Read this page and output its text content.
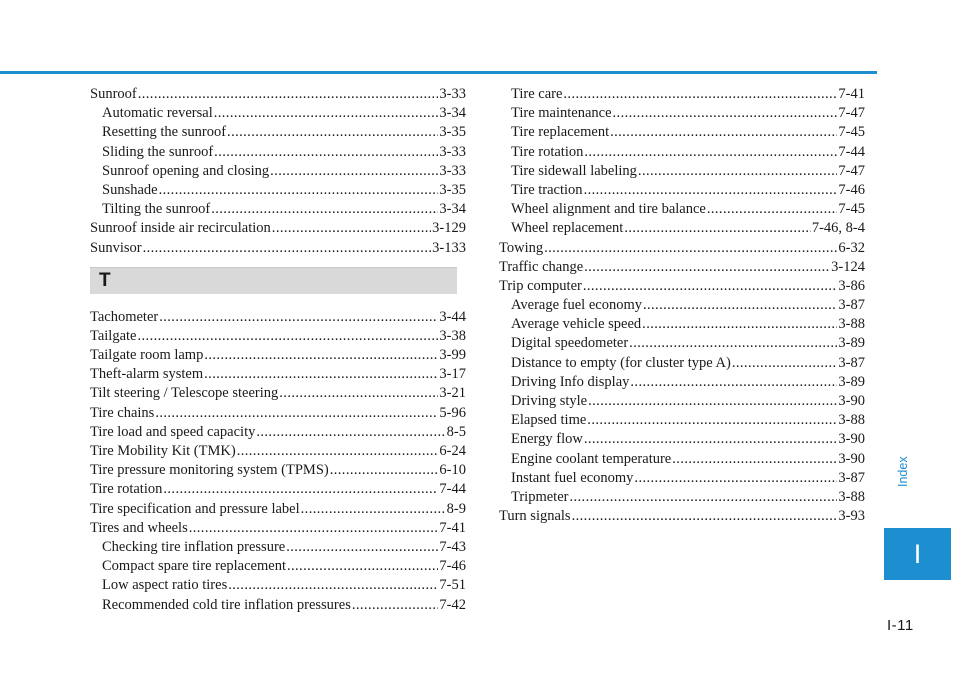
Sunroof .....	3-33
Automatic reversal .....	3-34
Resetting the sunroof .....	3-35
Sliding the sunroof .....	3-33
Sunroof opening and closing .....	3-33
Sunshade .....	3-35
Tilting the sunroof .....	3-34
Sunroof inside air recirculation .....	3-129
Sunvisor .....	3-133
T
Tachometer .....	3-44
Tailgate .....	3-38
Tailgate room lamp .....	3-99
Theft-alarm system .....	3-17
Tilt steering / Telescope steering .....	3-21
Tire chains .....	5-96
Tire load and speed capacity .....	8-5
Tire Mobility Kit (TMK) .....	6-24
Tire pressure monitoring system (TPMS) .....	6-10
Tire rotation .....	7-44
Tire specification and pressure label .....	8-9
Tires and wheels .....	7-41
Checking tire inflation pressure .....	7-43
Compact spare tire replacement .....	7-46
Low aspect ratio tires .....	7-51
Recommended cold tire inflation pressures .....	7-42
Tire care .....	7-41
Tire maintenance .....	7-47
Tire replacement .....	7-45
Tire rotation .....	7-44
Tire sidewall labeling .....	7-47
Tire traction .....	7-46
Wheel alignment and tire balance .....	7-45
Wheel replacement .....	7-46, 8-4
Towing .....	6-32
Traffic change .....	3-124
Trip computer .....	3-86
Average fuel economy .....	3-87
Average vehicle speed .....	3-88
Digital speedometer .....	3-89
Distance to empty (for cluster type A) .....	3-87
Driving Info display .....	3-89
Driving style .....	3-90
Elapsed time .....	3-88
Energy flow .....	3-90
Engine coolant temperature .....	3-90
Instant fuel economy .....	3-87
Tripmeter .....	3-88
Turn signals .....	3-93
Index
I
I-11
